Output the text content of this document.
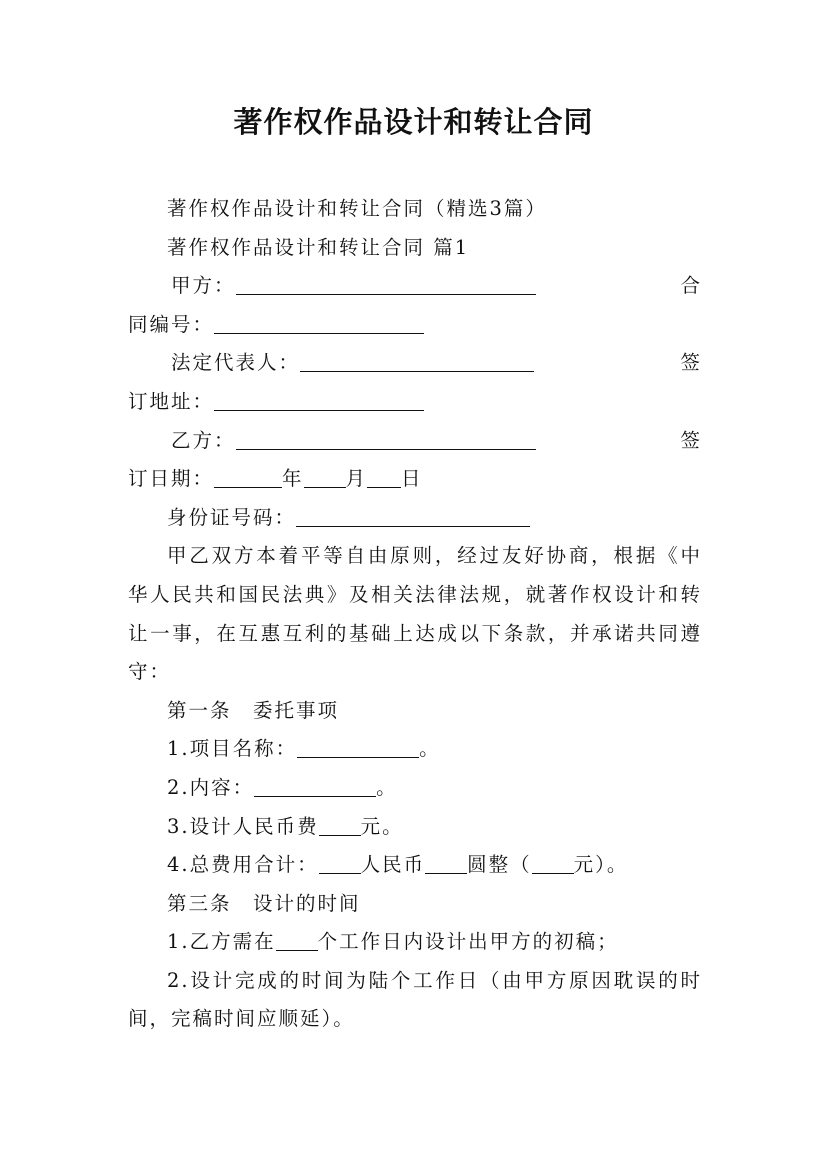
著作权作品设计和转让合同

著作权作品设计和转让合同（精选3篇）

著作权作品设计和转让合同 篇1

甲方：	合

同编号：

法定代表人：	签

订地址：

乙方：	签

订日期：	年 月 日

身份证号码：

甲乙双方本着平等自由原则，经过友好协商，根据《中华人民共和国民法典》及相关法律法规，就著作权设计和转让一事，在互惠互利的基础上达成以下条款，并承诺共同遵守：

第一条　委托事项

1.项目名称：	。

2.内容：	。

3.设计人民币费 元。

4.总费用合计： 人民币 圆整（ 元）。

第三条　设计的时间

1.乙方需在 个工作日内设计出甲方的初稿；

2.设计完成的时间为陆个工作日（由甲方原因耽误的时间，完稿时间应顺延）。
